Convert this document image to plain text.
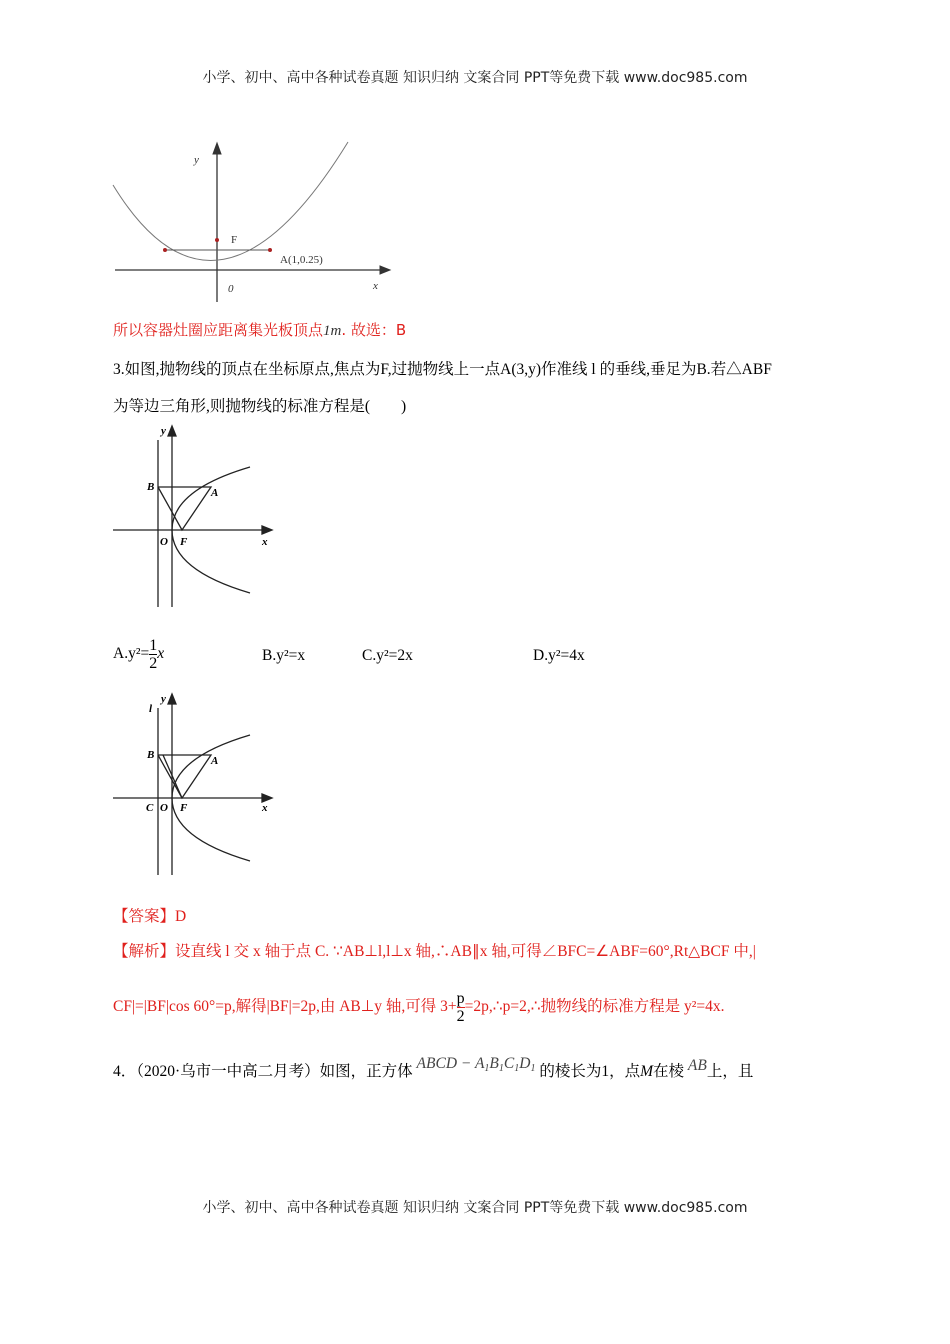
小学、初中、高中各种试卷真题 知识归纳 文案合同 PPT等免费下载 www.doc985.com
y
F
A(1,0.25)
0	x
y
B	A
O F	x
l
y
B	A
C O F	x
所以容器灶圈应距离集光板顶点1m. 故选：B
3.如图,抛物线的顶点在坐标原点,焦点为F,过抛物线上一点A(3,y)作准线 l 的垂线,垂足为B.若△ABF
为等边三角形,则抛物线的标准方程是(　　)
$A.y^2= \frac{1}{2}$ x	B.y²=x	C.y²=2x	D.y²=4x
【答案】D
【解析】设直线 l 交 x 轴于点 C. ∵AB⊥l,l⊥x 轴,∴AB∥x 轴,可得∠BFC=∠ABF=60°,Rt△BCF 中,|
CF|=|BF|cos 60°=p,解得|BF|=2p,由 AB⊥y 轴,可得 $3+ \frac{p}{2}$ =2p,∴p=2,∴抛物线的标准方程是 y²=4x.
4．（2020·乌市一中高二月考）如图，正方体 ABCD − $A_1B_1C_1D_1$ 的棱长为1，点M在棱 AB上，且
小学、初中、高中各种试卷真题 知识归纳 文案合同 PPT等免费下载 www.doc985.com
